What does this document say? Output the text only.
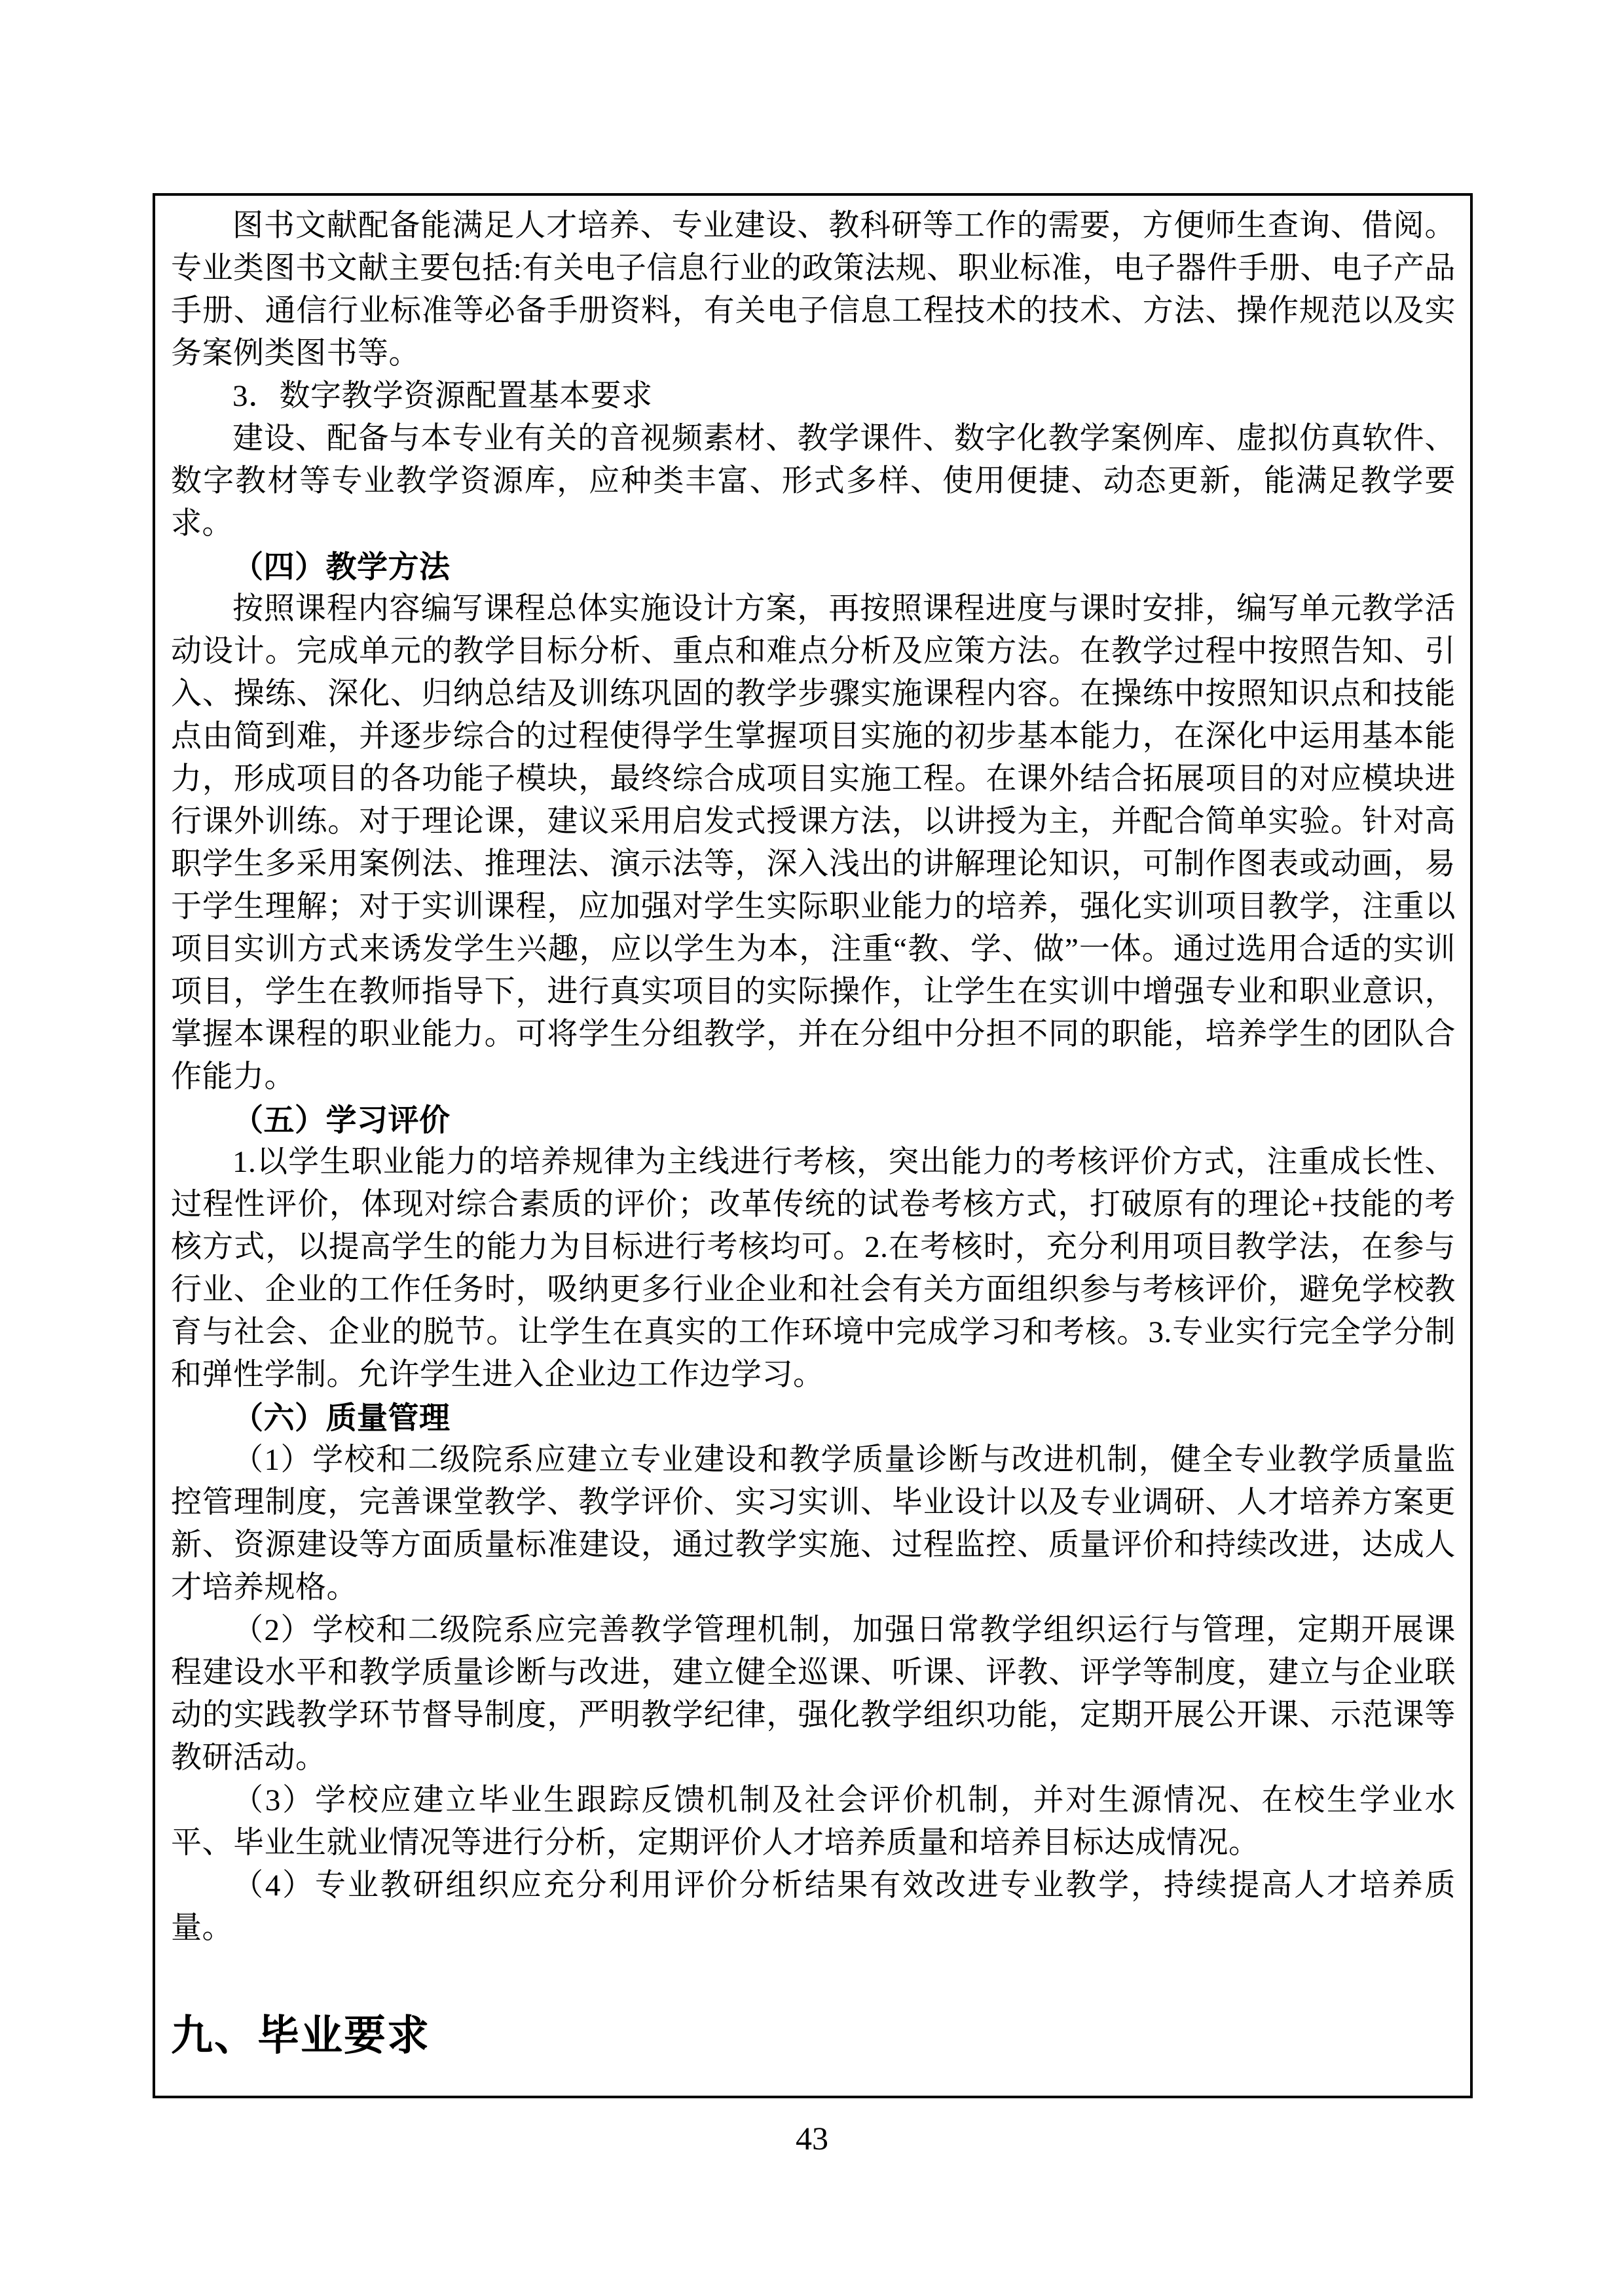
图书文献配备能满足人才培养、专业建设、教科研等工作的需要，方便师生查询、借阅。专业类图书文献主要包括:有关电子信息行业的政策法规、职业标准，电子器件手册、电子产品手册、通信行业标准等必备手册资料，有关电子信息工程技术的技术、方法、操作规范以及实务案例类图书等。

3．数字教学资源配置基本要求

建设、配备与本专业有关的音视频素材、教学课件、数字化教学案例库、虚拟仿真软件、数字教材等专业教学资源库，应种类丰富、形式多样、使用便捷、动态更新，能满足教学要求。

（四）教学方法

按照课程内容编写课程总体实施设计方案，再按照课程进度与课时安排，编写单元教学活动设计。完成单元的教学目标分析、重点和难点分析及应策方法。在教学过程中按照告知、引入、操练、深化、归纳总结及训练巩固的教学步骤实施课程内容。在操练中按照知识点和技能点由简到难，并逐步综合的过程使得学生掌握项目实施的初步基本能力，在深化中运用基本能力，形成项目的各功能子模块，最终综合成项目实施工程。在课外结合拓展项目的对应模块进行课外训练。对于理论课，建议采用启发式授课方法，以讲授为主，并配合简单实验。针对高职学生多采用案例法、推理法、演示法等，深入浅出的讲解理论知识，可制作图表或动画，易于学生理解；对于实训课程，应加强对学生实际职业能力的培养，强化实训项目教学，注重以项目实训方式来诱发学生兴趣，应以学生为本，注重“教、学、做”一体。通过选用合适的实训项目，学生在教师指导下，进行真实项目的实际操作，让学生在实训中增强专业和职业意识，掌握本课程的职业能力。可将学生分组教学，并在分组中分担不同的职能，培养学生的团队合作能力。

（五）学习评价

1.以学生职业能力的培养规律为主线进行考核，突出能力的考核评价方式，注重成长性、过程性评价，体现对综合素质的评价；改革传统的试卷考核方式，打破原有的理论+技能的考核方式，以提高学生的能力为目标进行考核均可。2.在考核时，充分利用项目教学法，在参与行业、企业的工作任务时，吸纳更多行业企业和社会有关方面组织参与考核评价，避免学校教育与社会、企业的脱节。让学生在真实的工作环境中完成学习和考核。3.专业实行完全学分制和弹性学制。允许学生进入企业边工作边学习。

（六）质量管理

（1）学校和二级院系应建立专业建设和教学质量诊断与改进机制，健全专业教学质量监控管理制度，完善课堂教学、教学评价、实习实训、毕业设计以及专业调研、人才培养方案更新、资源建设等方面质量标准建设，通过教学实施、过程监控、质量评价和持续改进，达成人才培养规格。

（2）学校和二级院系应完善教学管理机制，加强日常教学组织运行与管理，定期开展课程建设水平和教学质量诊断与改进，建立健全巡课、听课、评教、评学等制度，建立与企业联动的实践教学环节督导制度，严明教学纪律，强化教学组织功能，定期开展公开课、示范课等教研活动。

（3）学校应建立毕业生跟踪反馈机制及社会评价机制，并对生源情况、在校生学业水平、毕业生就业情况等进行分析，定期评价人才培养质量和培养目标达成情况。

（4）专业教研组织应充分利用评价分析结果有效改进专业教学，持续提高人才培养质量。

九、毕业要求
43
